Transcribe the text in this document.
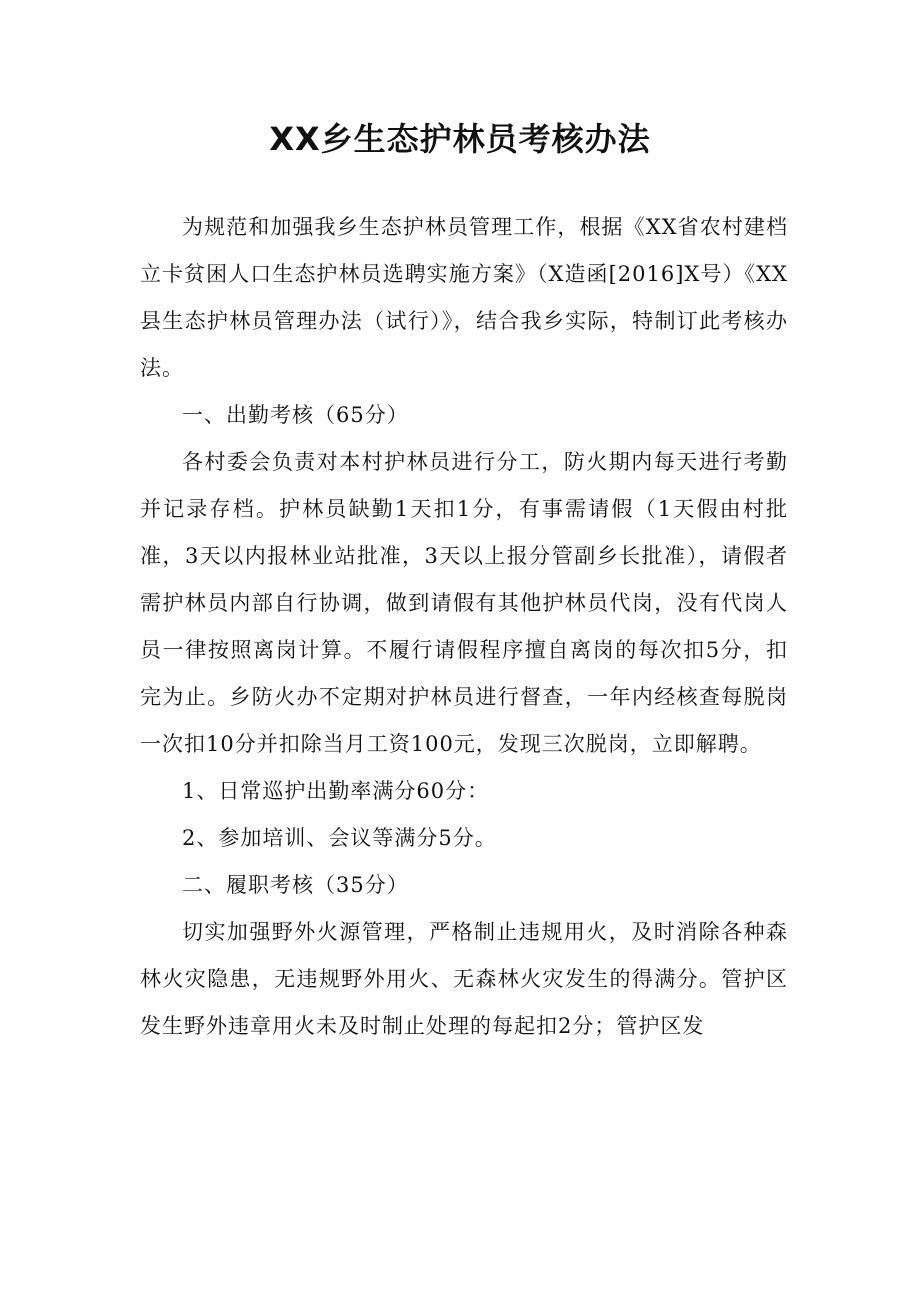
XX乡生态护林员考核办法

为规范和加强我乡生态护林员管理工作，根据《XX省农村建档立卡贫困人口生态护林员选聘实施方案》（X造函[2016]X号）《XX县生态护林员管理办法（试行）》，结合我乡实际，特制订此考核办法。

一、出勤考核（65分）

各村委会负责对本村护林员进行分工，防火期内每天进行考勤并记录存档。护林员缺勤1天扣1分，有事需请假（1天假由村批准，3天以内报林业站批准，3天以上报分管副乡长批准），请假者需护林员内部自行协调，做到请假有其他护林员代岗，没有代岗人员一律按照离岗计算。不履行请假程序擅自离岗的每次扣5分，扣完为止。乡防火办不定期对护林员进行督查，一年内经核查每脱岗一次扣10分并扣除当月工资100元，发现三次脱岗，立即解聘。

1、日常巡护出勤率满分60分：

2、参加培训、会议等满分5分。

二、履职考核（35分）

切实加强野外火源管理，严格制止违规用火，及时消除各种森林火灾隐患，无违规野外用火、无森林火灾发生的得满分。管护区发生野外违章用火未及时制止处理的每起扣2分；管护区发
